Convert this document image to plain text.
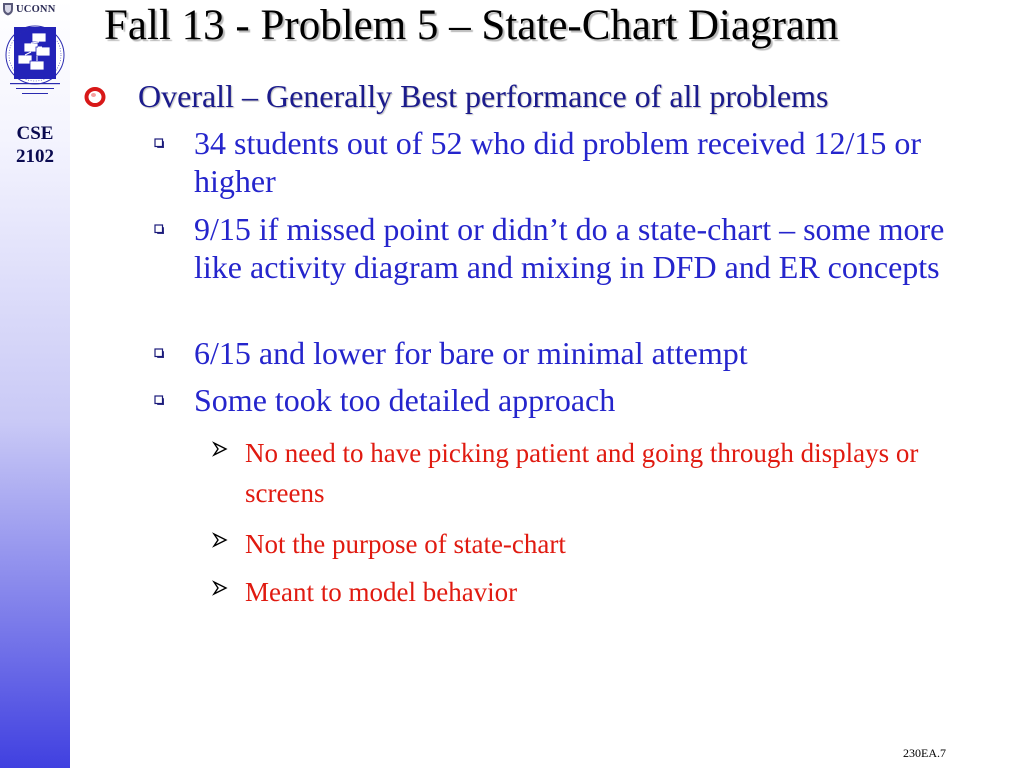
UCONN
CSE
2102
Fall 13 - Problem 5 – State-Chart Diagram
Overall – Generally Best performance of all problems
34 students out of 52 who did problem received 12/15 or higher
9/15 if missed point or didn’t do a state-chart – some more like activity diagram and mixing in DFD and ER concepts
6/15 and lower for bare or minimal attempt
Some took too detailed approach
No need to have picking patient and going through displays or screens
Not the purpose of state-chart
Meant to model behavior
230EA.7
